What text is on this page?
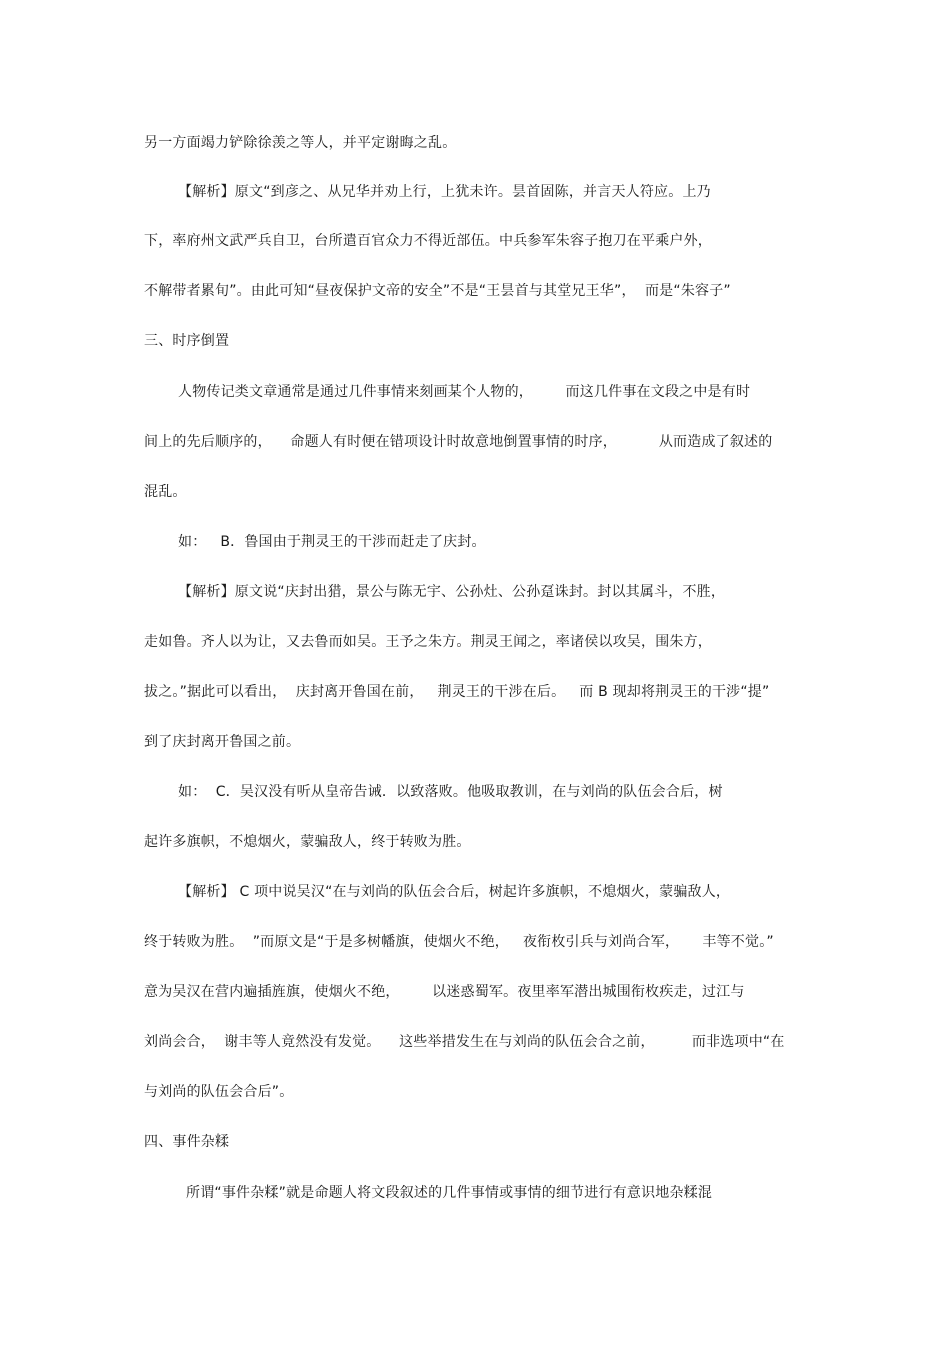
另一方面竭力铲除徐羡之等人，并平定谢晦之乱。
【解析】原文“到彦之、从兄华并劝上行，上犹未许。昙首固陈，并言天人符应。上乃
下，率府州文武严兵自卫，台所遣百官众力不得近部伍。中兵参军朱容子抱刀在平乘户外，
不解带者累旬”。由此可知“昼夜保护文帝的安全”不是“王昙首与其堂兄王华”，  而是“朱容子”
三、时序倒置
人物传记类文章通常是通过几件事情来刻画某个人物的，       而这几件事在文段之中是有时
间上的先后顺序的，    命题人有时便在错项设计时故意地倒置事情的时序，         从而造成了叙述的
混乱。
如：   B．鲁国由于荆灵王的干涉而赶走了庆封。
【解析】原文说“庆封出猎，景公与陈无宇、公孙灶、公孙趸诛封。封以其属斗，不胜，
走如鲁。齐人以为让，又去鲁而如吴。王予之朱方。荆灵王闻之，率诸侯以攻吴，围朱方，
拔之。”据此可以看出，  庆封离开鲁国在前，   荆灵王的干涉在后。   而 B 现却将荆灵王的干涉“提”
到了庆封离开鲁国之前。
如：  C．吴汉没有听从皇帝告诫．以致落败。他吸取教训，在与刘尚的队伍会合后，树
起许多旗帜，不熄烟火，蒙骗敌人，终于转败为胜。
【解析】 C 项中说吴汉“在与刘尚的队伍会合后，树起许多旗帜，不熄烟火，蒙骗敌人，
终于转败为胜。  ”而原文是“于是多树幡旗，使烟火不绝，   夜衔枚引兵与刘尚合军，     丰等不觉。”
意为吴汉在营内遍插旌旗，使烟火不绝，       以迷惑蜀军。夜里率军潜出城围衔枚疾走，过江与
刘尚会合，  谢丰等人竟然没有发觉。    这些举措发生在与刘尚的队伍会合之前，        而非选项中“在
与刘尚的队伍会合后”。
四、事件杂糅
所谓“事件杂糅”就是命题人将文段叙述的几件事情或事情的细节进行有意识地杂糅混
